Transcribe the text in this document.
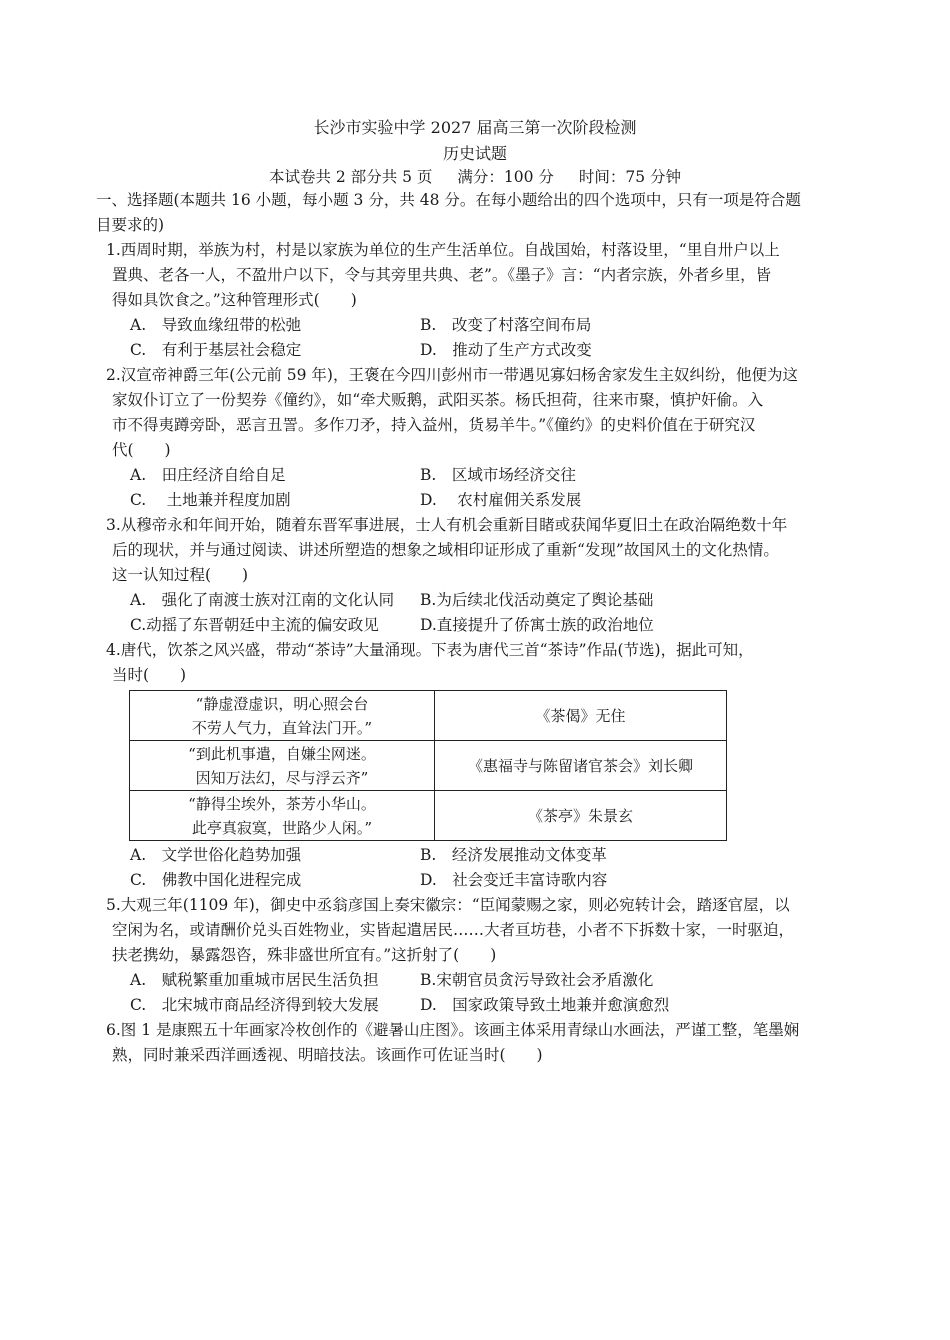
长沙市实验中学 2027 届高三第一次阶段检测
历史试题
本试卷共 2 部分共 5 页 满分：100 分 时间：75 分钟
一、选择题(本题共 16 小题，每小题 3 分，共 48 分。在每小题给出的四个选项中，只有一项是符合题
目要求的)
1.西周时期，举族为村，村是以家族为单位的生产生活单位。自战国始，村落设里，“里自卅户以上
置典、老各一人，不盈卅户以下，令与其旁里共典、老”。《墨子》言：“内者宗族，外者乡里，皆
得如具饮食之。”这种管理形式(　　)
A.　导致血缘纽带的松弛	B.　改变了村落空间布局
C.　有利于基层社会稳定	D.　推动了生产方式改变
2.汉宣帝神爵三年(公元前 59 年)，王褒在今四川彭州市一带遇见寡妇杨舍家发生主奴纠纷，他便为这
家奴仆订立了一份契券《僮约》，如“牵犬贩鹅，武阳买茶。杨氏担荷，往来市聚，慎护奸偷。入
市不得夷蹲旁卧，恶言丑詈。多作刀矛，持入益州，货易羊牛。”《僮约》的史料价值在于研究汉
代(　　)
A.　田庄经济自给自足	B.　区域市场经济交往
C.　 土地兼并程度加剧	D.　 农村雇佣关系发展
3.从穆帝永和年间开始，随着东晋军事进展，士人有机会重新目睹或获闻华夏旧土在政治隔绝数十年
后的现状，并与通过阅读、讲述所塑造的想象之域相印证形成了重新“发现”故国风土的文化热情。
这一认知过程(　　)
A.　强化了南渡士族对江南的文化认同	B.为后续北伐活动奠定了舆论基础
C.动摇了东晋朝廷中主流的偏安政见	D.直接提升了侨寓士族的政治地位
4.唐代，饮茶之风兴盛，带动“茶诗”大量涌现。下表为唐代三首“茶诗”作品(节选)，据此可知，
当时(　　)
“静虚澄虚识，明心照会台
不劳人气力，直耸法门开。”	《茶偈》无住

“到此机事遣，自嫌尘网迷。
因知万法幻，尽与浮云齐”	《惠福寺与陈留诸官茶会》刘长卿

“静得尘埃外，茶芳小华山。
此亭真寂寞，世路少人闲。”	《茶亭》朱景玄
A.　文学世俗化趋势加强	B.　经济发展推动文体变革
C.　佛教中国化进程完成	D.　社会变迁丰富诗歌内容
5.大观三年(1109 年)，御史中丞翁彦国上奏宋徽宗：“臣闻蒙赐之家，则必宛转计会，踏逐官屋，以
空闲为名，或请酬价兑头百姓物业，实皆起遣居民……大者亘坊巷，小者不下拆数十家，一时驱迫，
扶老携幼，暴露怨咨，殊非盛世所宜有。”这折射了(　　)
A.　赋税繁重加重城市居民生活负担	B.宋朝官员贪污导致社会矛盾激化
C.　北宋城市商品经济得到较大发展	D.　国家政策导致土地兼并愈演愈烈
6.图 1 是康熙五十年画家冷枚创作的《避暑山庄图》。该画主体采用青绿山水画法，严谨工整，笔墨娴
熟，同时兼采西洋画透视、明暗技法。该画作可佐证当时(　　)
